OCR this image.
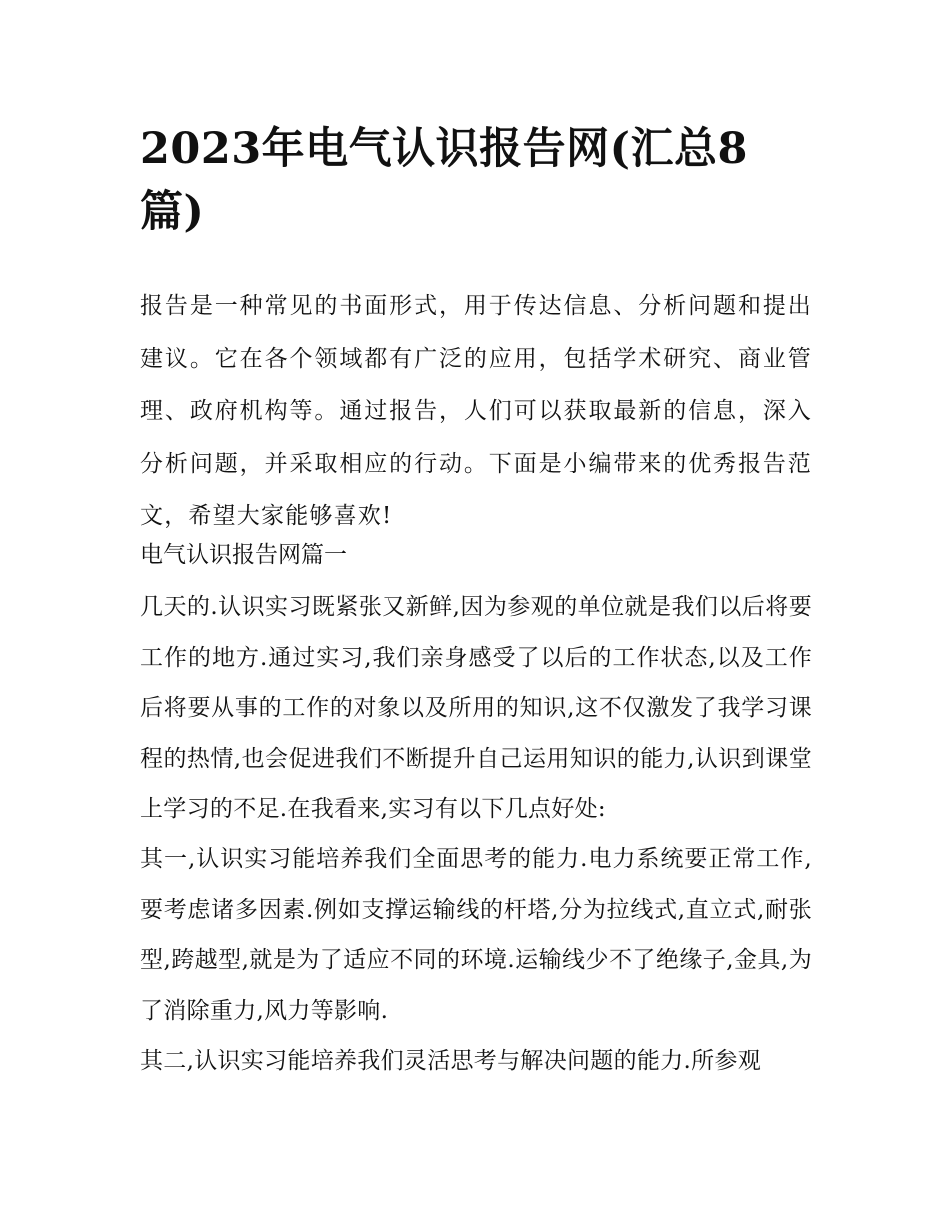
2023年电气认识报告网(汇总8篇)

报告是一种常见的书面形式，用于传达信息、分析问题和提出建议。它在各个领域都有广泛的应用，包括学术研究、商业管理、政府机构等。通过报告，人们可以获取最新的信息，深入分析问题，并采取相应的行动。下面是小编带来的优秀报告范文，希望大家能够喜欢!

电气认识报告网篇一

几天的.认识实习既紧张又新鲜,因为参观的单位就是我们以后将要工作的地方.通过实习,我们亲身感受了以后的工作状态,以及工作后将要从事的工作的对象以及所用的知识,这不仅激发了我学习课程的热情,也会促进我们不断提升自己运用知识的能力,认识到课堂上学习的不足.在我看来,实习有以下几点好处:

其一,认识实习能培养我们全面思考的能力.电力系统要正常工作,要考虑诸多因素.例如支撑运输线的杆塔,分为拉线式,直立式,耐张型,跨越型,就是为了适应不同的环境.运输线少不了绝缘子,金具,为了消除重力,风力等影响.

其二,认识实习能培养我们灵活思考与解决问题的能力.所参观
